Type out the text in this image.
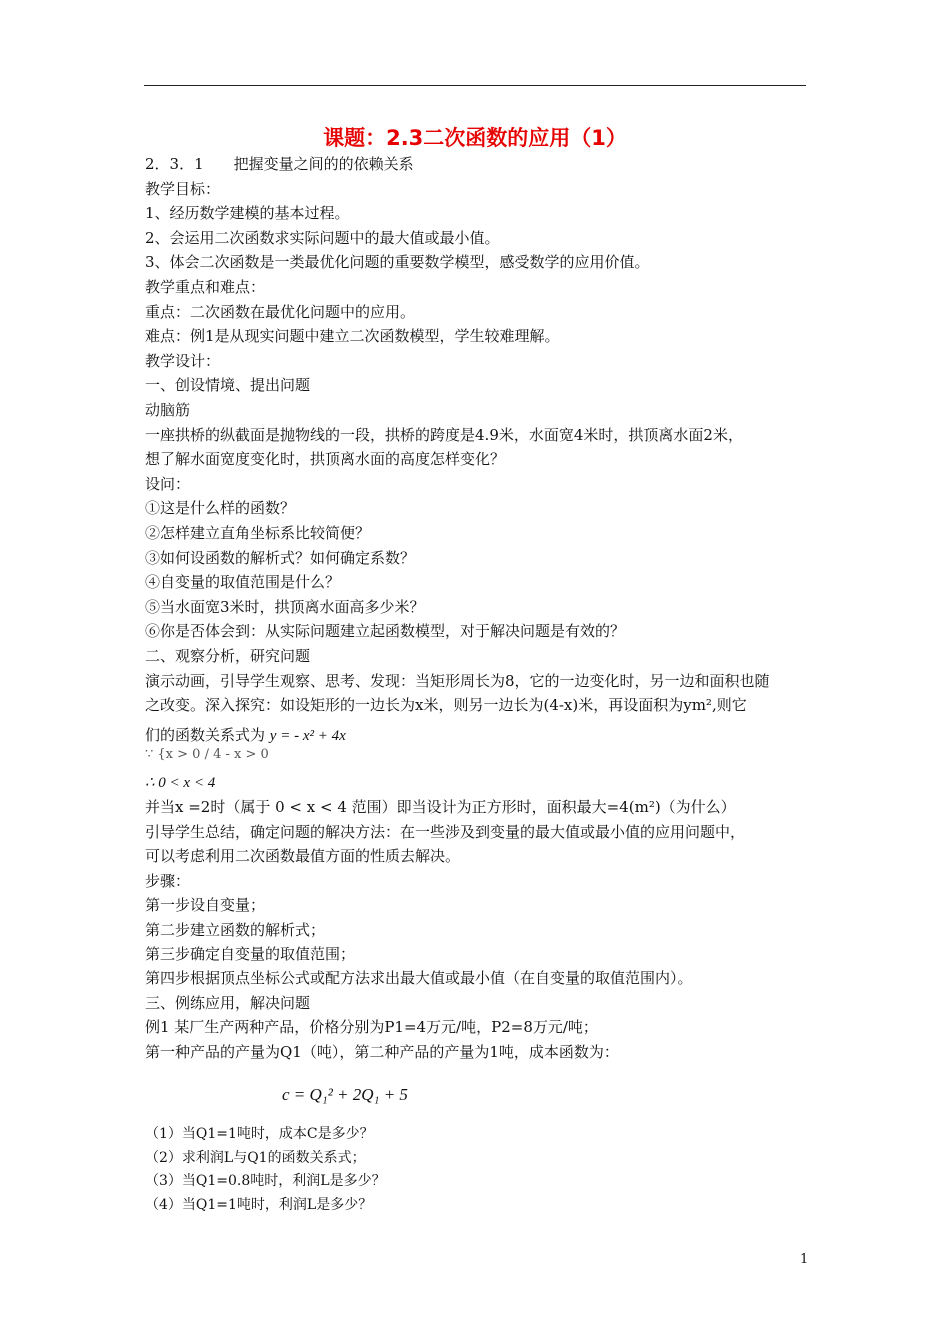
课题：2.3二次函数的应用（1）
2．3．1　　把握变量之间的的依赖关系
教学目标：
1、经历数学建模的基本过程。
2、会运用二次函数求实际问题中的最大值或最小值。
3、体会二次函数是一类最优化问题的重要数学模型，感受数学的应用价值。
教学重点和难点：
重点：二次函数在最优化问题中的应用。
难点：例1是从现实问题中建立二次函数模型，学生较难理解。
教学设计：
一、创设情境、提出问题
动脑筋
一座拱桥的纵截面是抛物线的一段，拱桥的跨度是4.9米，水面宽4米时，拱顶离水面2米，
想了解水面宽度变化时，拱顶离水面的高度怎样变化？
设问：
①这是什么样的函数？
②怎样建立直角坐标系比较简便？
③如何设函数的解析式？如何确定系数？
④自变量的取值范围是什么？
⑤当水面宽3米时，拱顶离水面高多少米？
⑥你是否体会到：从实际问题建立起函数模型，对于解决问题是有效的？
二、观察分析，研究问题
演示动画，引导学生观察、思考、发现：当矩形周长为8，它的一边变化时，另一边和面积也随
之改变。深入探究：如设矩形的一边长为x米，则另一边长为(4-x)米，再设面积为ym²,则它
们的函数关系式为 y = - x² + 4x
∵ {x > 0 / 4 - x > 0
∴ 0 < x < 4
并当x =2时（属于 0 < x < 4 范围）即当设计为正方形时，面积最大=4(m²)（为什么）
引导学生总结，确定问题的解决方法：在一些涉及到变量的最大值或最小值的应用问题中，
可以考虑利用二次函数最值方面的性质去解决。
步骤：
第一步设自变量；
第二步建立函数的解析式；
第三步确定自变量的取值范围；
第四步根据顶点坐标公式或配方法求出最大值或最小值（在自变量的取值范围内）。
三、例练应用，解决问题
例1 某厂生产两种产品，价格分别为P1=4万元/吨，P2=8万元/吨；
第一种产品的产量为Q1（吨），第二种产品的产量为1吨，成本函数为：
c = Q₁² + 2Q₁ + 5
（1）当Q1=1吨时，成本C是多少？
（2）求利润L与Q1的函数关系式；
（3）当Q1=0.8吨时，利润L是多少？
（4）当Q1=1吨时，利润L是多少？
1
